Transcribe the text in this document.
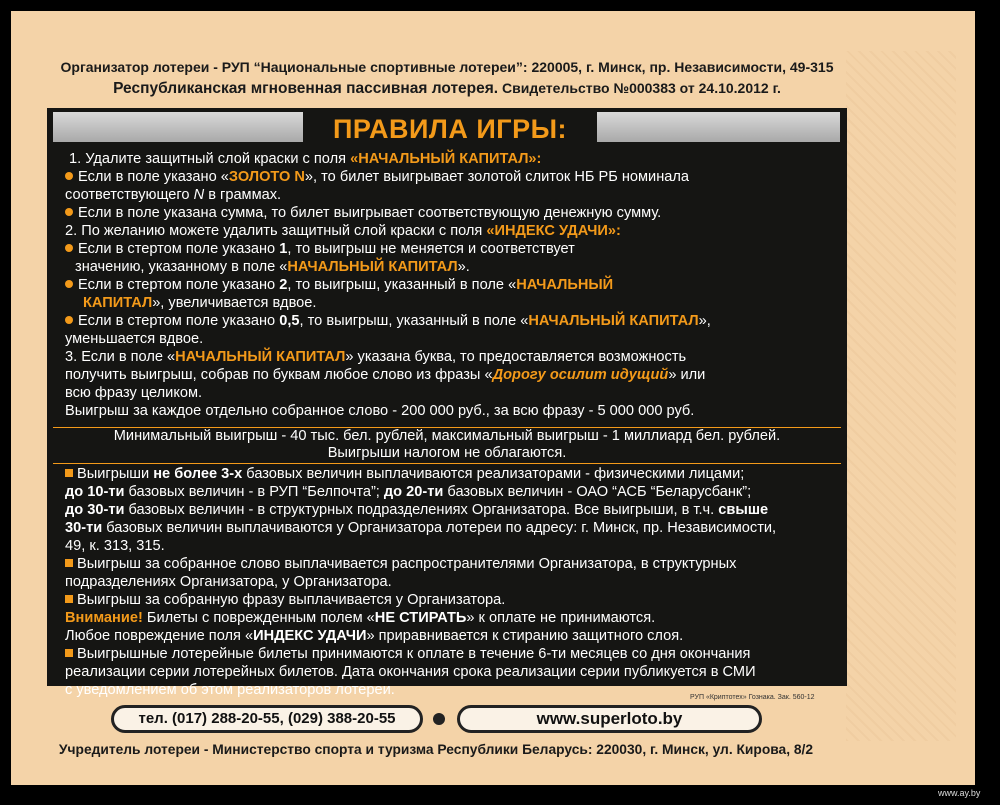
Организатор лотереи - РУП “Национальные спортивные лотереи”: 220005, г. Минск, пр. Независимости, 49-315
Республиканская мгновенная пассивная лотерея. Свидетельство №000383 от 24.10.2012 г.
ПРАВИЛА ИГРЫ:
1. Удалите защитный слой краски с поля «НАЧАЛЬНЫЙ КАПИТАЛ»:
Если в поле указано «ЗОЛОТО N», то билет выигрывает золотой слиток НБ РБ номинала
соответствующего N в граммах.
Если в поле указана сумма, то билет выигрывает соответствующую денежную сумму.
2. По желанию можете удалить защитный слой краски с поля «ИНДЕКС УДАЧИ»:
Если в стертом поле указано 1, то выигрыш не меняется и соответствует
значению, указанному в поле «НАЧАЛЬНЫЙ КАПИТАЛ».
Если в стертом поле указано 2, то выигрыш, указанный в поле «НАЧАЛЬНЫЙ
КАПИТАЛ», увеличивается вдвое.
Если в стертом поле указано 0,5, то выигрыш, указанный в поле «НАЧАЛЬНЫЙ КАПИТАЛ»,
уменьшается вдвое.
3. Если в поле «НАЧАЛЬНЫЙ КАПИТАЛ» указана буква, то предоставляется возможность
получить выигрыш, собрав по буквам любое слово из фразы «Дорогу осилит идущий» или
всю фразу целиком.
Выигрыш за каждое отдельно собранное слово - 200 000 руб., за всю фразу - 5 000 000 руб.
Минимальный выигрыш - 40 тыс. бел. рублей, максимальный выигрыш - 1 миллиард бел. рублей.
Выигрыши налогом не облагаются.
Выигрыши не более 3-х базовых величин выплачиваются реализаторами - физическими лицами;
до 10-ти базовых величин - в РУП “Белпочта”; до 20-ти базовых величин - ОАО “АСБ “Беларусбанк”;
до 30-ти базовых величин - в структурных подразделениях Организатора. Все выигрыши, в т.ч. свыше
30-ти базовых величин выплачиваются у Организатора лотереи по адресу: г. Минск, пр. Независимости,
49, к. 313, 315.
Выигрыш за собранное слово выплачивается распространителями Организатора, в структурных
подразделениях Организатора, у Организатора.
Выигрыш за собранную фразу выплачивается у Организатора.
Внимание! Билеты с поврежденным полем «НЕ СТИРАТЬ» к оплате не принимаются.
Любое повреждение поля «ИНДЕКС УДАЧИ» приравнивается к стиранию защитного слоя.
Выигрышные лотерейные билеты принимаются к оплате в течение 6-ти месяцев со дня окончания
реализации серии лотерейных билетов. Дата окончания срока реализации серии публикуется в СМИ
с уведомлением об этом реализаторов лотереи.	РУП «Криптотех» Гознака. Зак. 560-12
тел. (017) 288-20-55, (029) 388-20-55	www.superloto.by
Учредитель лотереи - Министерство спорта и туризма Республики Беларусь: 220030, г. Минск, ул. Кирова, 8/2
www.ay.by
